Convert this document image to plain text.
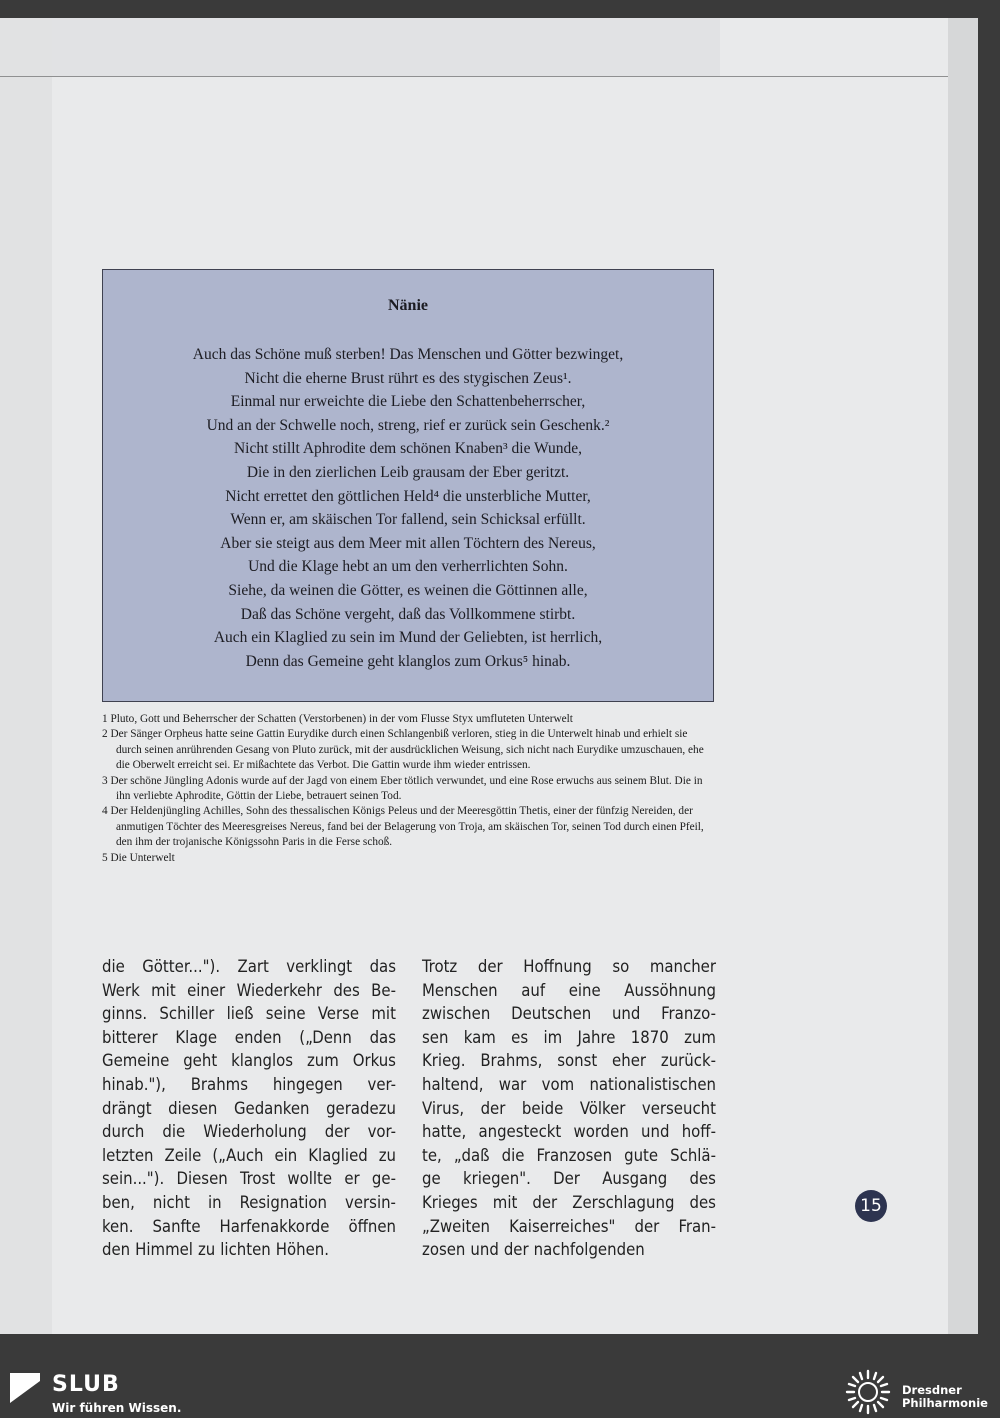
Nänie
Auch das Schöne muß sterben! Das Menschen und Götter bezwinget,
Nicht die eherne Brust rührt es des stygischen Zeus¹.
Einmal nur erweichte die Liebe den Schattenbeherrscher,
Und an der Schwelle noch, streng, rief er zurück sein Geschenk.²
Nicht stillt Aphrodite dem schönen Knaben³ die Wunde,
Die in den zierlichen Leib grausam der Eber geritzt.
Nicht errettet den göttlichen Held⁴ die unsterbliche Mutter,
Wenn er, am skäischen Tor fallend, sein Schicksal erfüllt.
Aber sie steigt aus dem Meer mit allen Töchtern des Nereus,
Und die Klage hebt an um den verherrlichten Sohn.
Siehe, da weinen die Götter, es weinen die Göttinnen alle,
Daß das Schöne vergeht, daß das Vollkommene stirbt.
Auch ein Klaglied zu sein im Mund der Geliebten, ist herrlich,
Denn das Gemeine geht klanglos zum Orkus⁵ hinab.
1 Pluto, Gott und Beherrscher der Schatten (Verstorbenen) in der vom Flusse Styx umfluteten Unterwelt
2 Der Sänger Orpheus hatte seine Gattin Eurydike durch einen Schlangenbiß verloren, stieg in die Unterwelt hinab und erhielt sie durch seinen anrührenden Gesang von Pluto zurück, mit der ausdrücklichen Weisung, sich nicht nach Eurydike umzuschauen, ehe die Oberwelt erreicht sei. Er mißachtete das Verbot. Die Gattin wurde ihm wieder entrissen.
3 Der schöne Jüngling Adonis wurde auf der Jagd von einem Eber tötlich verwundet, und eine Rose erwuchs aus seinem Blut. Die in ihn verliebte Aphrodite, Göttin der Liebe, betrauert seinen Tod.
4 Der Heldenjüngling Achilles, Sohn des thessalischen Königs Peleus und der Meeresgöttin Thetis, einer der fünfzig Nereiden, der anmutigen Töchter des Meeresgreises Nereus, fand bei der Belagerung von Troja, am skäischen Tor, seinen Tod durch einen Pfeil, den ihm der trojanische Königssohn Paris in die Ferse schoß.
5 Die Unterwelt
die Götter..."). Zart verklingt das
Werk mit einer Wiederkehr des Be-
ginns. Schiller ließ seine Verse mit
bitterer Klage enden („Denn das
Gemeine geht klanglos zum Orkus
hinab."), Brahms hingegen ver-
drängt diesen Gedanken geradezu
durch die Wiederholung der vor-
letzten Zeile („Auch ein Klaglied zu
sein..."). Diesen Trost wollte er ge-
ben, nicht in Resignation versin-
ken. Sanfte Harfenakkorde öffnen
den Himmel zu lichten Höhen.
Trotz der Hoffnung so mancher
Menschen auf eine Aussöhnung
zwischen Deutschen und Franzo-
sen kam es im Jahre 1870 zum
Krieg. Brahms, sonst eher zurück-
haltend, war vom nationalistischen
Virus, der beide Völker verseucht
hatte, angesteckt worden und hoff-
te, „daß die Franzosen gute Schlä-
ge kriegen". Der Ausgang des
Krieges mit der Zerschlagung des
„Zweiten Kaiserreiches" der Fran-
zosen und der nachfolgenden
15
SLUB
Wir führen Wissen.
Dresdner
Philharmonie
